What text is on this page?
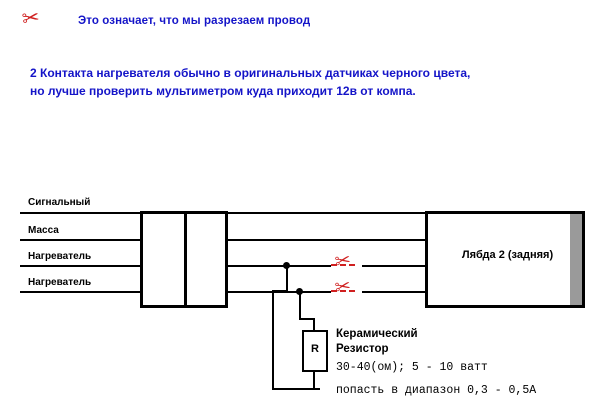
✂	Это означает, что мы разрезаем провод
2 Контакта нагревателя обычно в оригинальных датчиках черного цвета,
но лучше проверить мультиметром куда приходит 12в от компа.
Сигнальный
Масса
Нагреватель
Нагреватель
✂
✂
R
Керамический
Резистор
30-40(ом); 5 - 10 ватт
попасть в диапазон 0,3 - 0,5А
Лябда 2 (задняя)
